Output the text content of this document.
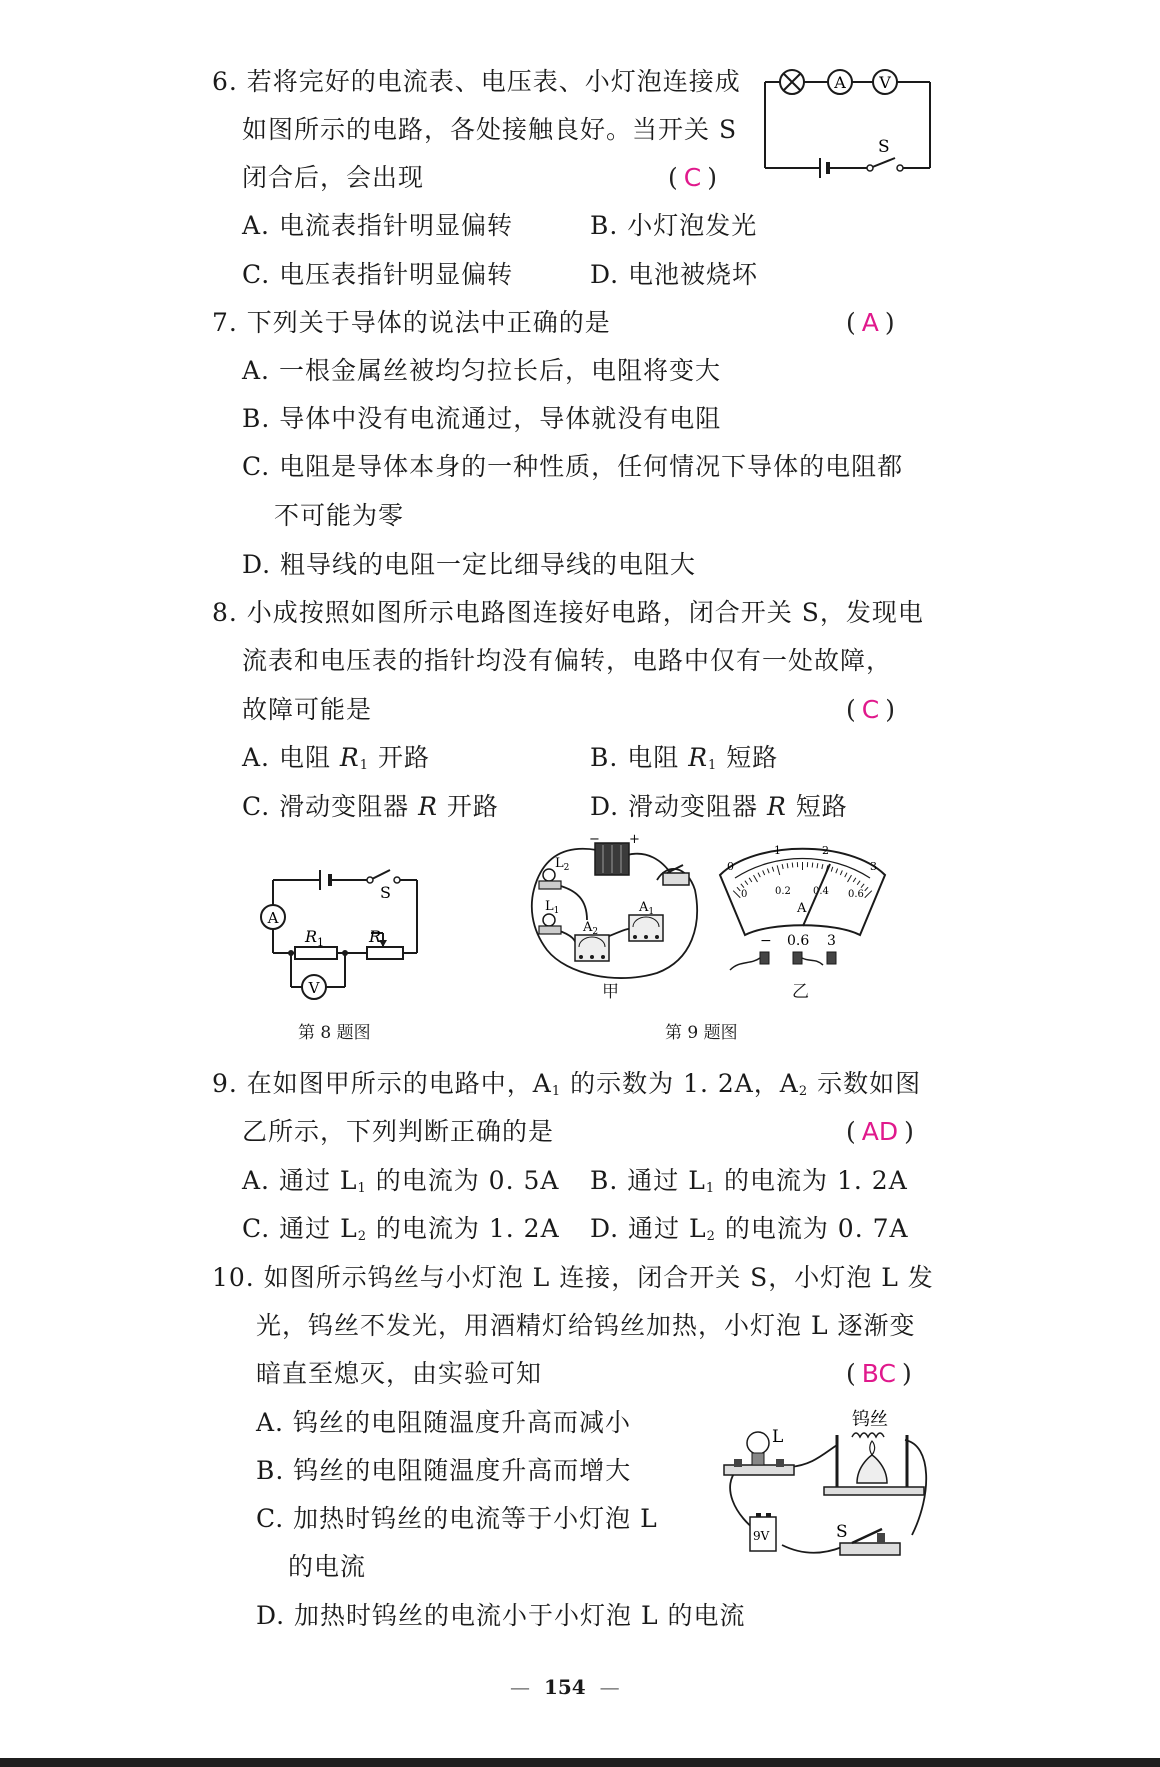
6. 若将完好的电流表、电压表、小灯泡连接成
如图所示的电路，各处接触良好。当开关 S
闭合后，会出现	( C )
A. 电流表指针明显偏转	B. 小灯泡发光
C. 电压表指针明显偏转	D. 电池被烧坏
A V
S
7. 下列关于导体的说法中正确的是	( A )
A. 一根金属丝被均匀拉长后，电阻将变大
B. 导体中没有电流通过，导体就没有电阻
C. 电阻是导体本身的一种性质，任何情况下导体的电阻都
不可能为零
D. 粗导线的电阻一定比细导线的电阻大
8. 小成按照如图所示电路图连接好电路，闭合开关 S，发现电
流表和电压表的指针均没有偏转，电路中仅有一处故障，
故障可能是	( C )
A. 电阻 $R_1$ 开路	B. 电阻 $R_1$ 短路
C. 滑动变阻器 R 开路	D. 滑动变阻器 R 短路
S
A
V
$R_1$	R
第 8 题图
− +
$L_2$
$L_1$
$A_2$
$A_1$
甲
0
1	2
3
0	0.2 0.4 0.6
A
− 0.6 3
乙
第 9 题图
9. 在如图甲所示的电路中，$A_1$ 的示数为 1. 2A，$A_2$ 示数如图
乙所示，下列判断正确的是	( AD )
A. 通过 $L_1$ 的电流为 0. 5A B. 通过 $L_1$ 的电流为 1. 2A
C. 通过 $L_2$ 的电流为 1. 2A D. 通过 $L_2$ 的电流为 0. 7A
10. 如图所示钨丝与小灯泡 L 连接，闭合开关 S，小灯泡 L 发
光，钨丝不发光，用酒精灯给钨丝加热，小灯泡 L 逐渐变
暗直至熄灭，由实验可知	( BC )
A. 钨丝的电阻随温度升高而减小
B. 钨丝的电阻随温度升高而增大
C. 加热时钨丝的电流等于小灯泡 L
的电流
D. 加热时钨丝的电流小于小灯泡 L 的电流
钨丝
L
9V	S
— 154 —
